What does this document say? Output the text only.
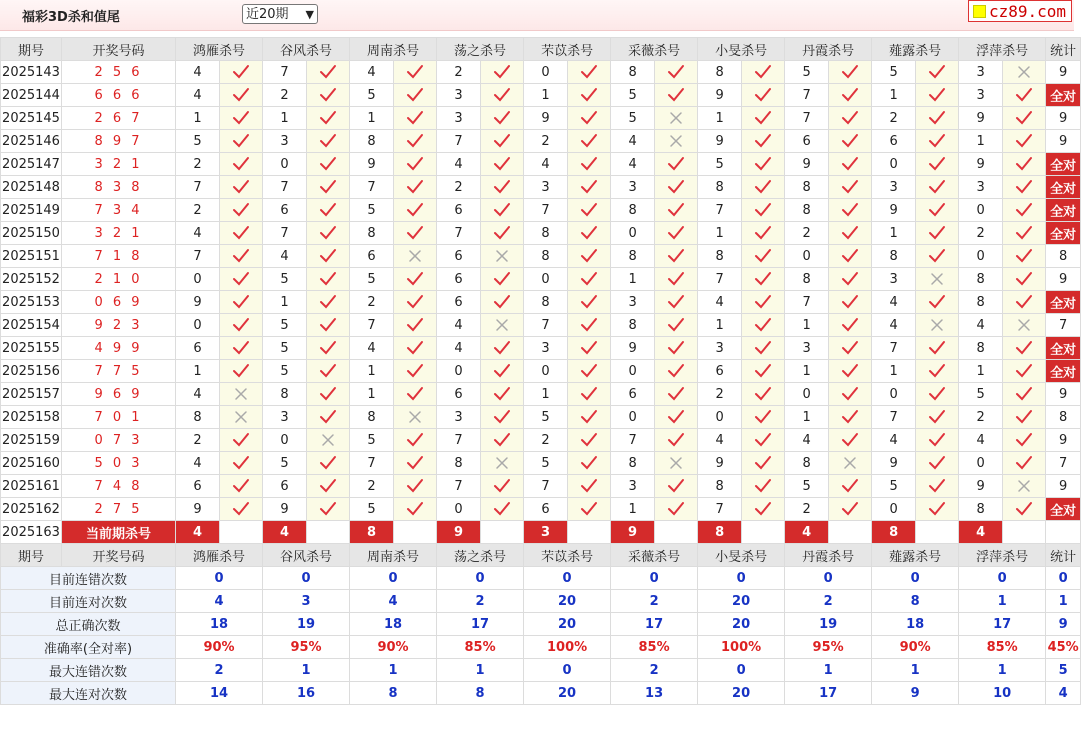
福彩3D杀和值尾	近20期 ▼	cz89.com
期号	开奖号码	鸿雁杀号		谷风杀号		周南杀号		荡之杀号		芣苡杀号		采薇杀号		小旻杀号		丹霞杀号		薤露杀号		浮萍杀号		统计
2025143	2 5 6	4		7		4		2		0		8		8		5		5		3		9
2025144	6 6 6	4		2		5		3		1		5		9		7		1		3		全对
2025145	2 6 7	1		1		1		3		9		5		1		7		2		9		9
2025146	8 9 7	5		3		8		7		2		4		9		6		6		1		9
2025147	3 2 1	2		0		9		4		4		4		5		9		0		9		全对
2025148	8 3 8	7		7		7		2		3		3		8		8		3		3		全对
2025149	7 3 4	2		6		5		6		7		8		7		8		9		0		全对
2025150	3 2 1	4		7		8		7		8		0		1		2		1		2		全对
2025151	7 1 8	7		4		6		6		8		8		8		0		8		0		8
2025152	2 1 0	0		5		5		6		0		1		7		8		3		8		9
2025153	0 6 9	9		1		2		6		8		3		4		7		4		8		全对
2025154	9 2 3	0		5		7		4		7		8		1		1		4		4		7
2025155	4 9 9	6		5		4		4		3		9		3		3		7		8		全对
2025156	7 7 5	1		5		1		0		0		0		6		1		1		1		全对
2025157	9 6 9	4		8		1		6		1		6		2		0		0		5		9
2025158	7 0 1	8		3		8		3		5		0		0		1		7		2		8
2025159	0 7 3	2		0		5		7		2		7		4		4		4		4		9
2025160	5 0 3	4		5		7		8		5		8		9		8		9		0		7
2025161	7 4 8	6		6		2		7		7		3		8		5		5		9		9
2025162	2 7 5	9		9		5		0		6		1		7		2		0		8		全对
2025163	当前期杀号	4		4		8		9		3		9		8		4		8		4		
期号	开奖号码	鸿雁杀号		谷风杀号		周南杀号		荡之杀号		芣苡杀号		采薇杀号		小旻杀号		丹霞杀号		薤露杀号		浮萍杀号		统计
目前连错次数		0		0		0		0		0		0		0		0		0		0		0
目前连对次数		4		3		4		2		20		2		20		2		8		1		1
总正确次数		18		19		18		17		20		17		20		19		18		17		9
准确率(全对率)		90%		95%		90%		85%		100%		85%		100%		95%		90%		85%		45%
最大连错次数		2		1		1		1		0		2		0		1		1		1		5
最大连对次数		14		16		8		8		20		13		20		17		9		10		4
